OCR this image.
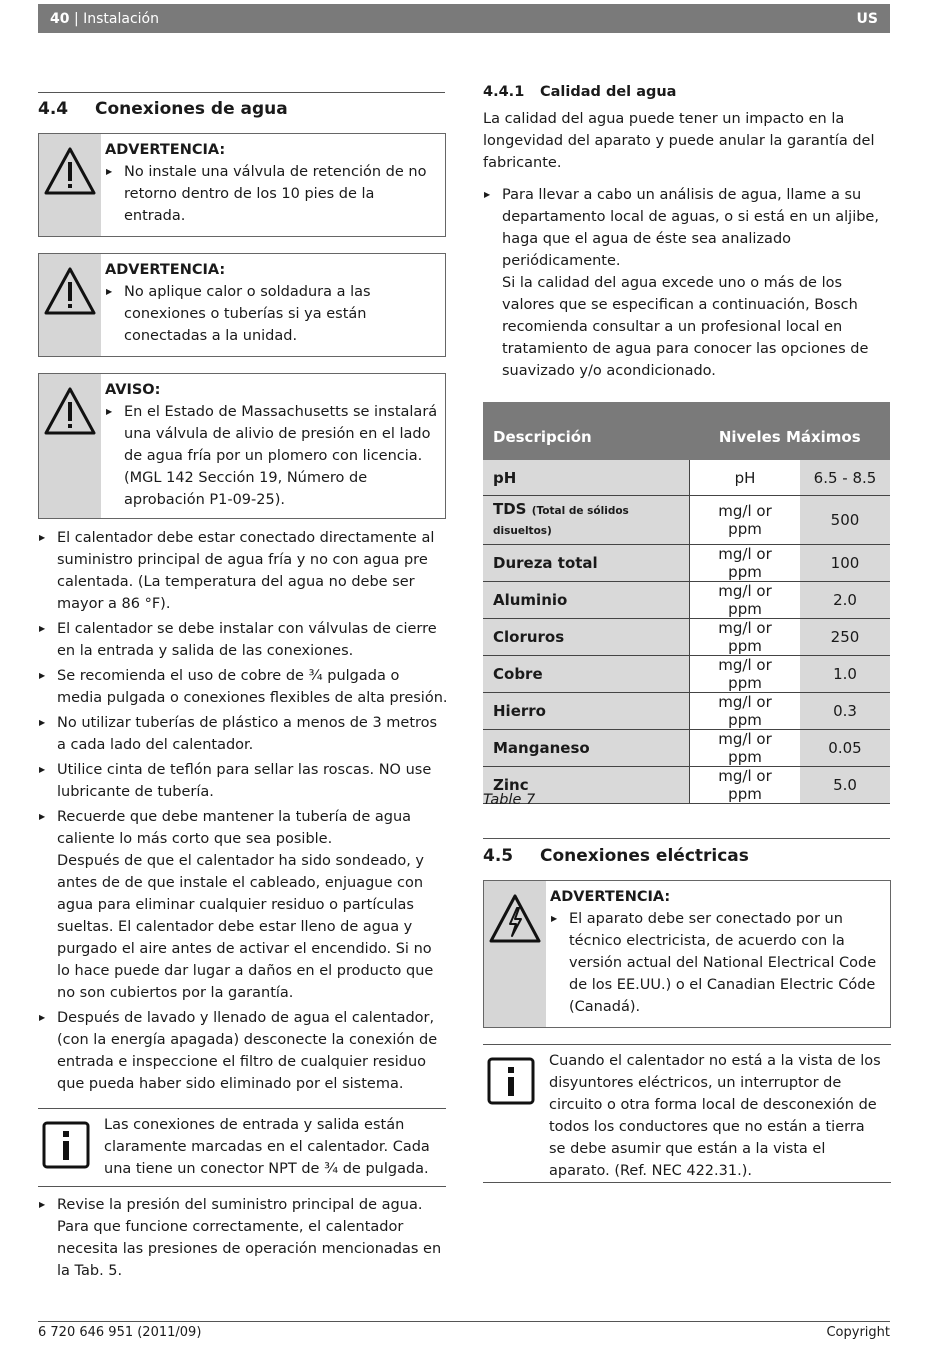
40 | Instalación	US
4.4 Conexiones de agua
ADVERTENCIA:
▶ No instale una válvula de retención de no retorno dentro de los 10 pies de la entrada.
ADVERTENCIA:
▶ No aplique calor o soldadura a las conexiones o tuberías si ya están conectadas a la unidad.
AVISO:
▶ En el Estado de Massachusetts se instalará una válvula de alivio de presión en el lado de agua fría por un plomero con licencia. (MGL 142 Sección 19, Número de aprobación P1-09-25).
▶ El calentador debe estar conectado directamente al suministro principal de agua fría y no con agua pre calentada. (La temperatura del agua no debe ser mayor a 86 °F).
▶ El calentador se debe instalar con válvulas de cierre en la entrada y salida de las conexiones.
▶ Se recomienda el uso de cobre de ¾ pulgada o media pulgada o conexiones flexibles de alta presión.
▶ No utilizar tuberías de plástico a menos de 3 metros a cada lado del calentador.
▶ Utilice cinta de teflón para sellar las roscas. NO use lubricante de tubería.
▶ Recuerde que debe mantener la tubería de agua caliente lo más corto que sea posible.
Después de que el calentador ha sido sondeado, y antes de de que instale el cableado, enjuague con agua para eliminar cualquier residuo o partículas sueltas. El calentador debe estar lleno de agua y purgado el aire antes de activar el encendido. Si no lo hace puede dar lugar a daños en el producto que no son cubiertos por la garantía.
▶ Después de lavado y llenado de agua el calentador, (con la energía apagada) desconecte la conexión de entrada e inspeccione el filtro de cualquier residuo que pueda haber sido eliminado por el sistema.
Las conexiones de entrada y salida están claramente marcadas en el calentador. Cada una tiene un conector NPT de ¾ de pulgada.
▶ Revise la presión del suministro principal de agua. Para que funcione correctamente, el calentador necesita las presiones de operación mencionadas en la Tab. 5.
4.4.1 Calidad del agua
La calidad del agua puede tener un impacto en la longevidad del aparato y puede anular la garantía del fabricante.
▶ Para llevar a cabo un análisis de agua, llame a su departamento local de aguas, o si está en un aljibe, haga que el agua de éste sea analizado periódicamente.
Si la calidad del agua excede uno o más de los valores que se especifican a continuación, Bosch recomienda consultar a un profesional local en tratamiento de agua para conocer las opciones de suavizado y/o acondicionado.
Descripción	Niveles Máximos	
pH	pH	6.5 - 8.5
TDS (Total de sólidos disueltos)	mg/l or ppm	500
Dureza total	mg/l or ppm	100
Aluminio	mg/l or ppm	2.0
Cloruros	mg/l or ppm	250
Cobre	mg/l or ppm	1.0
Hierro	mg/l or ppm	0.3
Manganeso	mg/l or ppm	0.05
Zinc	mg/l or ppm	5.0
Table 7
4.5 Conexiones eléctricas
ADVERTENCIA:
▶ El aparato debe ser conectado por un técnico electricista, de acuerdo con la versión actual del National Electrical Code de los EE.UU.) o el Canadian Electric Códe (Canadá).
Cuando el calentador no está a la vista de los disyuntores eléctricos, un interruptor de circuito o otra forma local de desconexión de todos los conductores que no están a tierra se debe asumir que están a la vista el aparato. (Ref. NEC 422.31.).
6 720 646 951 (2011/09)	Copyright
